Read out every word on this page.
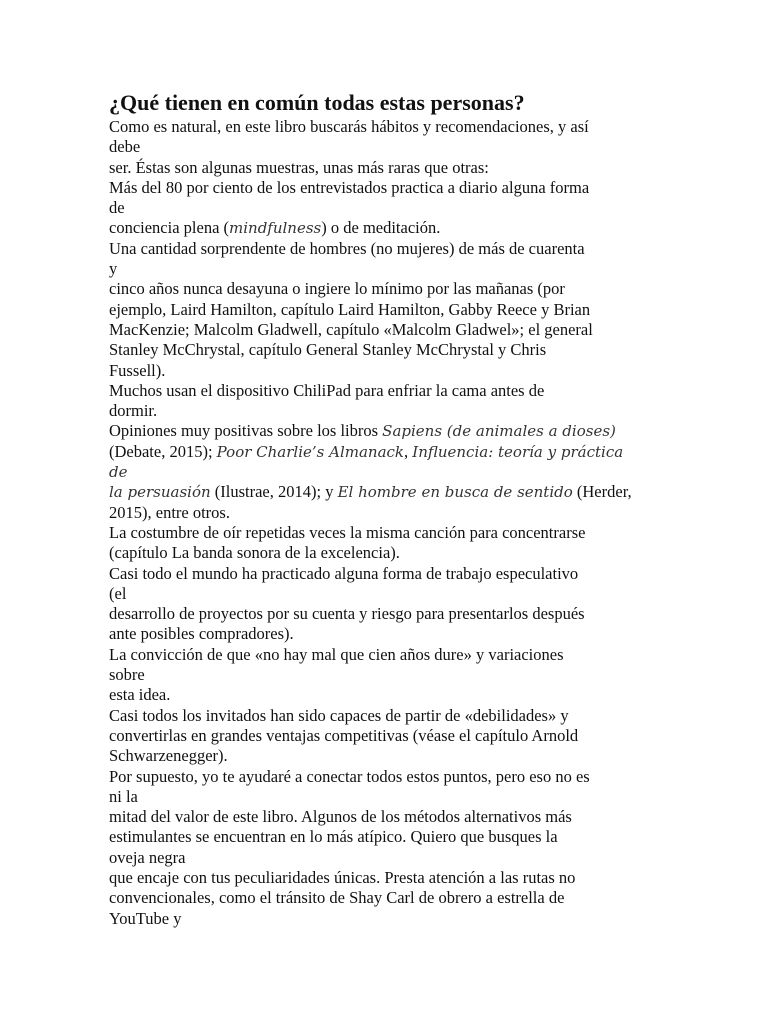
¿Qué tienen en común todas estas personas?
Como es natural, en este libro buscarás hábitos y recomendaciones, y así
debe
ser. Éstas son algunas muestras, unas más raras que otras:
Más del 80 por ciento de los entrevistados practica a diario alguna forma
de
conciencia plena (mindfulness) o de meditación.
Una cantidad sorprendente de hombres (no mujeres) de más de cuarenta
y
cinco años nunca desayuna o ingiere lo mínimo por las mañanas (por
ejemplo, Laird Hamilton, capítulo Laird Hamilton, Gabby Reece y Brian
MacKenzie; Malcolm Gladwell, capítulo «Malcolm Gladwel»; el general
Stanley McChrystal, capítulo General Stanley McChrystal y Chris
Fussell).
Muchos usan el dispositivo ChiliPad para enfriar la cama antes de
dormir.
Opiniones muy positivas sobre los libros Sapiens (de animales a dioses)
(Debate, 2015); Poor Charlie’s Almanack, Influencia: teoría y práctica
de
la persuasión (Ilustrae, 2014); y El hombre en busca de sentido (Herder,
2015), entre otros.
La costumbre de oír repetidas veces la misma canción para concentrarse
(capítulo La banda sonora de la excelencia).
Casi todo el mundo ha practicado alguna forma de trabajo especulativo
(el
desarrollo de proyectos por su cuenta y riesgo para presentarlos después
ante posibles compradores).
La convicción de que «no hay mal que cien años dure» y variaciones
sobre
esta idea.
Casi todos los invitados han sido capaces de partir de «debilidades» y
convertirlas en grandes ventajas competitivas (véase el capítulo Arnold
Schwarzenegger).
Por supuesto, yo te ayudaré a conectar todos estos puntos, pero eso no es
ni la
mitad del valor de este libro. Algunos de los métodos alternativos más
estimulantes se encuentran en lo más atípico. Quiero que busques la
oveja negra
que encaje con tus peculiaridades únicas. Presta atención a las rutas no
convencionales, como el tránsito de Shay Carl de obrero a estrella de
YouTube y
